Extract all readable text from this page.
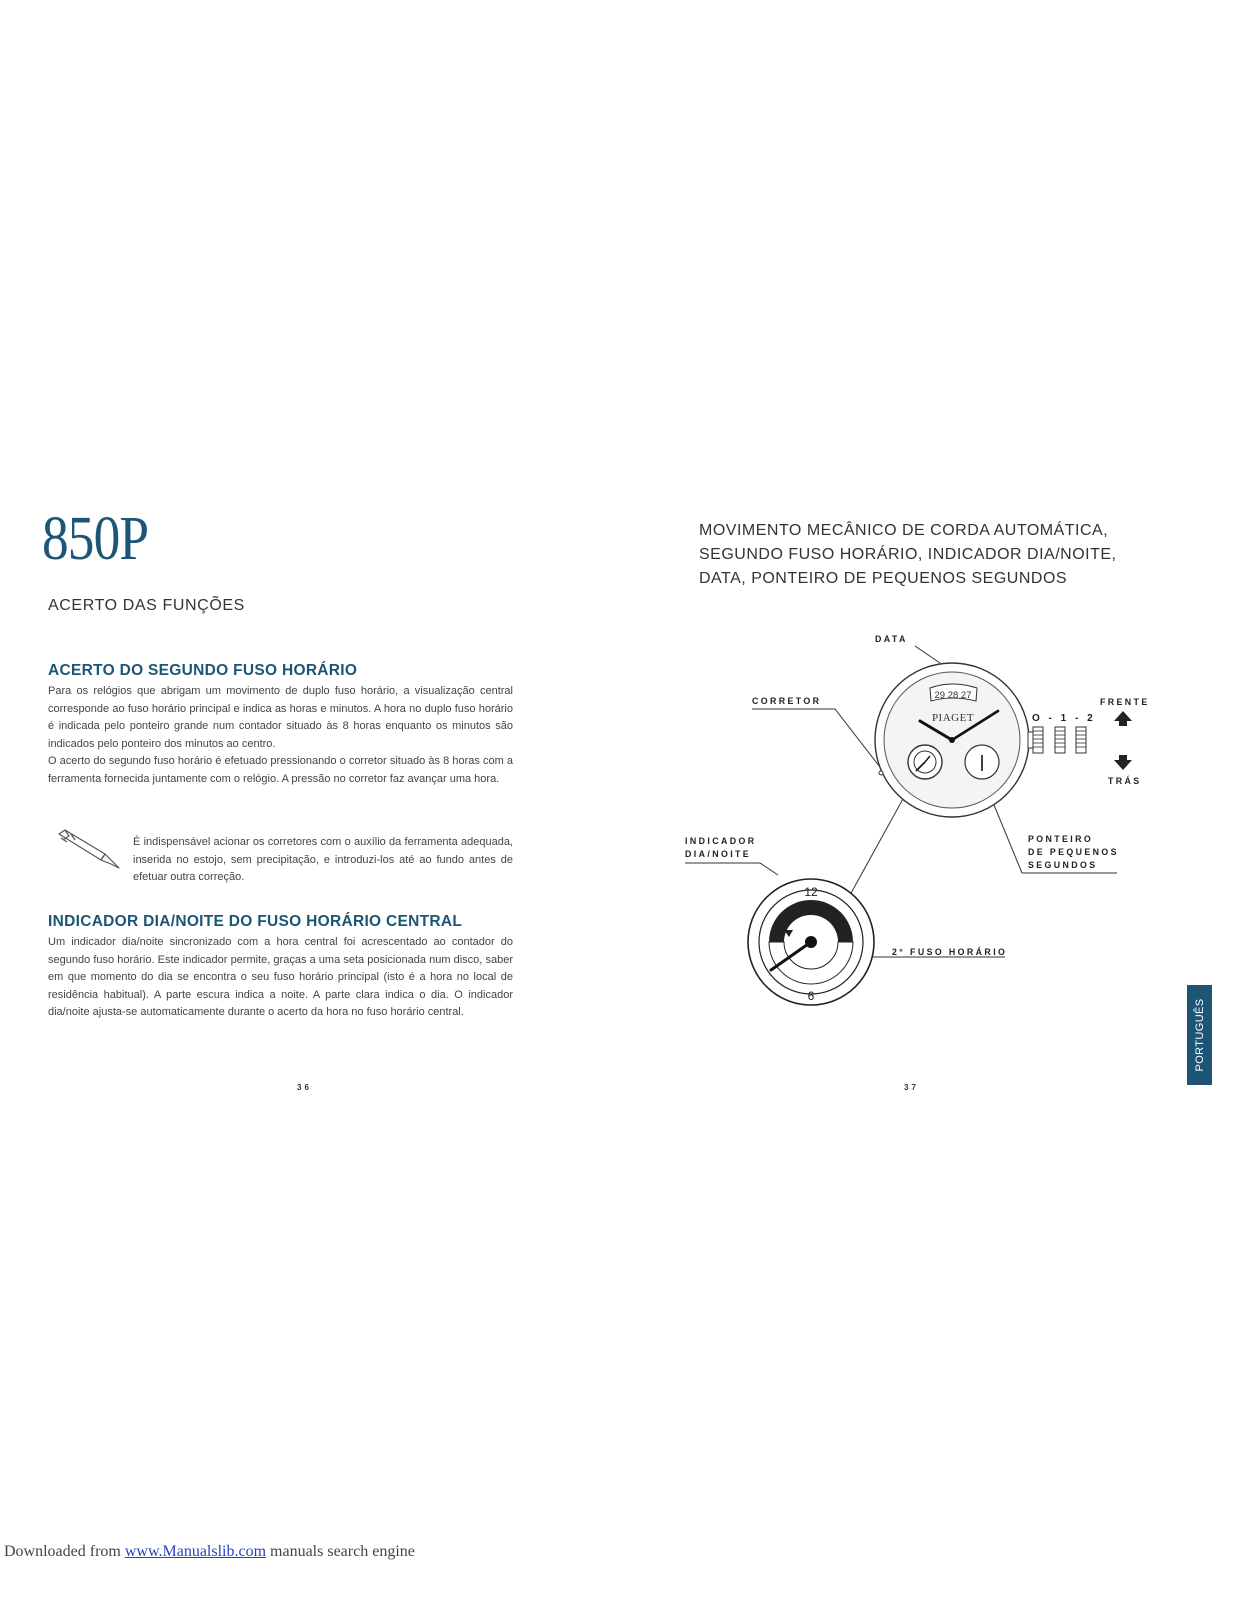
850P
ACERTO DAS FUNÇÕES
ACERTO DO SEGUNDO FUSO HORÁRIO

Para os relógios que abrigam um movimento de duplo fuso horário, a visualização central corresponde ao fuso horário principal e indica as horas e minutos. A hora no duplo fuso horário é indicada pelo ponteiro grande num contador situado às 8 horas enquanto os minutos são indicados pelo ponteiro dos minutos ao centro.

O acerto do segundo fuso horário é efetuado pressionando o corretor situado às 8 horas com a ferramenta fornecida juntamente com o relógio. A pressão no corretor faz avançar uma hora.

É indispensável acionar os corretores com o auxílio da ferramenta adequada, inserida no estojo, sem precipitação, e introduzi-los até ao fundo antes de efetuar outra correção.
INDICADOR DIA/NOITE DO FUSO HORÁRIO CENTRAL

Um indicador dia/noite sincronizado com a hora central foi acrescentado ao contador do segundo fuso horário. Este indicador permite, graças a uma seta posicionada num disco, saber em que momento do dia se encontra o seu fuso horário principal (isto é a hora no local de residência habitual). A parte escura indica a noite. A parte clara indica o dia. O indicador dia/noite ajusta-se automaticamente durante o acerto da hora no fuso horário central.

36
MOVIMENTO MECÂNICO DE CORDA AUTOMÁTICA,
SEGUNDO FUSO HORÁRIO, INDICADOR DIA/NOITE,
DATA, PONTEIRO DE PEQUENOS SEGUNDOS
DATA
CORRETOR	FRENTE
TRÁS
O - 1 - 2
INDICADOR
DIA/NOITE
PONTEIRO
DE PEQUENOS
SEGUNDOS
2° FUSO HORÁRIO
29 28 27
PIAGET
12
6
37
PORTUGUÊS
Downloaded from www.Manualslib.com manuals search engine
